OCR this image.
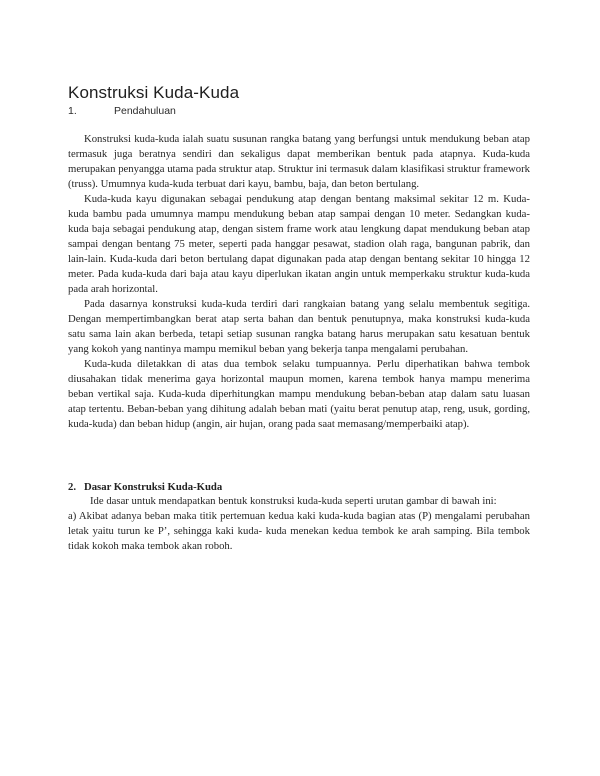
Konstruksi Kuda-Kuda
1.	Pendahuluan

Konstruksi kuda-kuda ialah suatu susunan rangka batang yang berfungsi untuk mendukung beban atap termasuk juga beratnya sendiri dan sekaligus dapat memberikan bentuk pada atapnya. Kuda-kuda merupakan penyangga utama pada struktur atap. Struktur ini termasuk dalam klasifikasi struktur framework (truss). Umumnya kuda-kuda terbuat dari kayu, bambu, baja, dan beton bertulang.

Kuda-kuda kayu digunakan sebagai pendukung atap dengan bentang maksimal sekitar 12 m. Kuda-kuda bambu pada umumnya mampu mendukung beban atap sampai dengan 10 meter. Sedangkan kuda-kuda baja sebagai pendukung atap, dengan sistem frame work atau lengkung dapat mendukung beban atap sampai dengan bentang 75 meter, seperti pada hanggar pesawat, stadion olah raga, bangunan pabrik, dan lain-lain. Kuda-kuda dari beton bertulang dapat digunakan pada atap dengan bentang sekitar 10 hingga 12 meter. Pada kuda-kuda dari baja atau kayu diperlukan ikatan angin untuk memperkaku struktur kuda-kuda pada arah horizontal.

Pada dasarnya konstruksi kuda-kuda terdiri dari rangkaian batang yang selalu membentuk segitiga. Dengan mempertimbangkan berat atap serta bahan dan bentuk penutupnya, maka konstruksi kuda-kuda satu sama lain akan berbeda, tetapi setiap susunan rangka batang harus merupakan satu kesatuan bentuk yang kokoh yang nantinya mampu memikul beban yang bekerja tanpa mengalami perubahan.

Kuda-kuda diletakkan di atas dua tembok selaku tumpuannya. Perlu diperhatikan bahwa tembok diusahakan tidak menerima gaya horizontal maupun momen, karena tembok hanya mampu menerima beban vertikal saja. Kuda-kuda diperhitungkan mampu mendukung beban-beban atap dalam satu luasan atap tertentu. Beban-beban yang dihitung adalah beban mati (yaitu berat penutup atap, reng, usuk, gording, kuda-kuda) dan beban hidup (angin, air hujan, orang pada saat memasang/memperbaiki atap).

2. Dasar Konstruksi Kuda-Kuda

Ide dasar untuk mendapatkan bentuk konstruksi kuda-kuda seperti urutan gambar di bawah ini:

a) Akibat adanya beban maka titik pertemuan kedua kaki kuda-kuda bagian atas (P) mengalami perubahan letak yaitu turun ke P’, sehingga kaki kuda- kuda menekan kedua tembok ke arah samping. Bila tembok tidak kokoh maka tembok akan roboh.
